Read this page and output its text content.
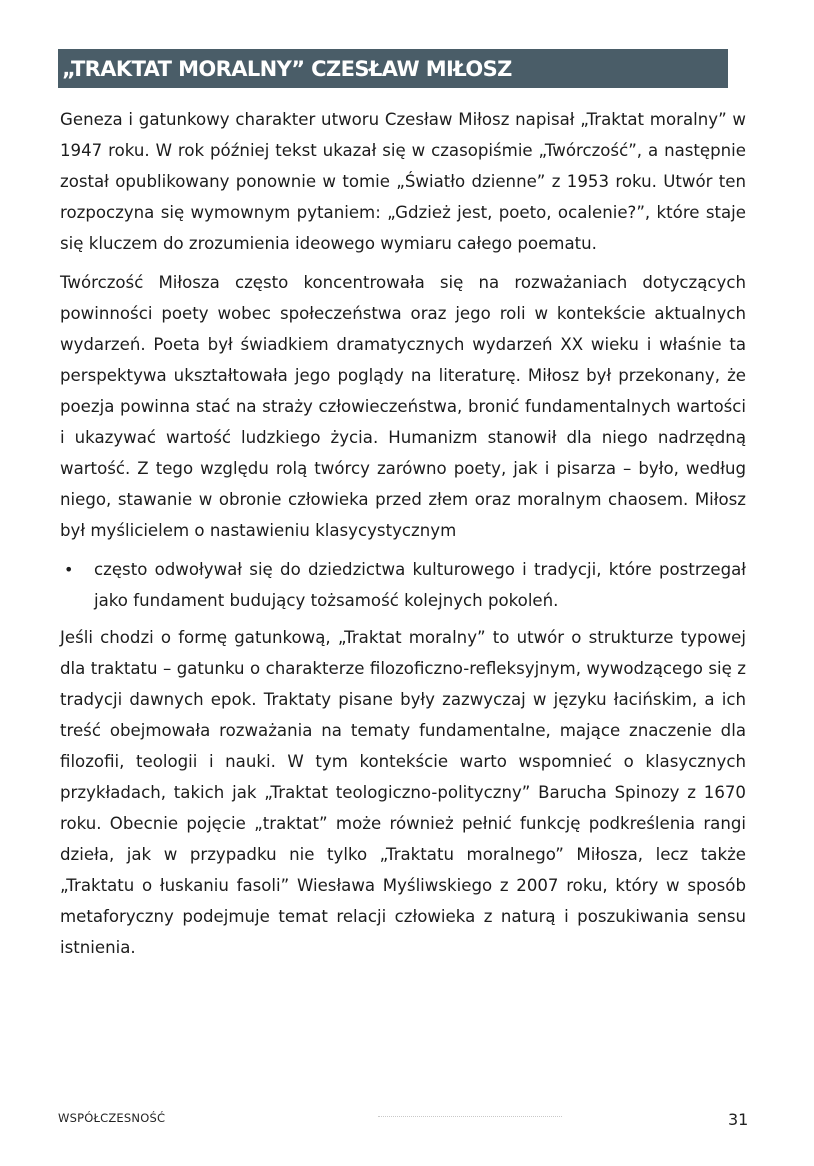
„TRAKTAT MORALNY” CZESŁAW MIŁOSZ

Geneza i gatunkowy charakter utworu Czesław Miłosz napisał „Traktat moralny” w 1947 roku. W rok później tekst ukazał się w czasopiśmie „Twórczość”, a następnie został opublikowany ponownie w tomie „Światło dzienne” z 1953 roku. Utwór ten rozpoczyna się wymownym pytaniem: „Gdzież jest, poeto, ocalenie?”, które staje się kluczem do zrozumienia ideowego wymiaru całego poematu.

Twórczość Miłosza często koncentrowała się na rozważaniach dotyczących powinności poety wobec społeczeństwa oraz jego roli w kontekście aktualnych wydarzeń. Poeta był świadkiem dramatycznych wydarzeń XX wieku i właśnie ta perspektywa ukształtowała jego poglądy na literaturę. Miłosz był przekonany, że poezja powinna stać na straży człowieczeństwa, bronić fundamentalnych wartości i ukazywać wartość ludzkiego życia. Humanizm stanowił dla niego nadrzędną wartość. Z tego względu rolą twórcy zarówno poety, jak i pisarza – było, według niego, stawanie w obronie człowieka przed złem oraz moralnym chaosem. Miłosz był myślicielem o nastawieniu klasycystycznym

• często odwoływał się do dziedzictwa kulturowego i tradycji, które postrzegał jako fundament budujący tożsamość kolejnych pokoleń.

Jeśli chodzi o formę gatunkową, „Traktat moralny” to utwór o strukturze typowej dla traktatu – gatunku o charakterze filozoficzno-refleksyjnym, wywodzącego się z tradycji dawnych epok. Traktaty pisane były zazwyczaj w języku łacińskim, a ich treść obejmowała rozważania na tematy fundamentalne, mające znaczenie dla filozofii, teologii i nauki. W tym kontekście warto wspomnieć o klasycznych przykładach, takich jak „Traktat teologiczno-polityczny” Barucha Spinozy z 1670 roku. Obecnie pojęcie „traktat” może również pełnić funkcję podkreślenia rangi dzieła, jak w przypadku nie tylko „Traktatu moralnego” Miłosza, lecz także „Traktatu o łuskaniu fasoli” Wiesława Myśliwskiego z 2007 roku, który w sposób metaforyczny podejmuje temat relacji człowieka z naturą i poszukiwania sensu istnienia.

WSPÓŁCZESNOŚĆ	31
